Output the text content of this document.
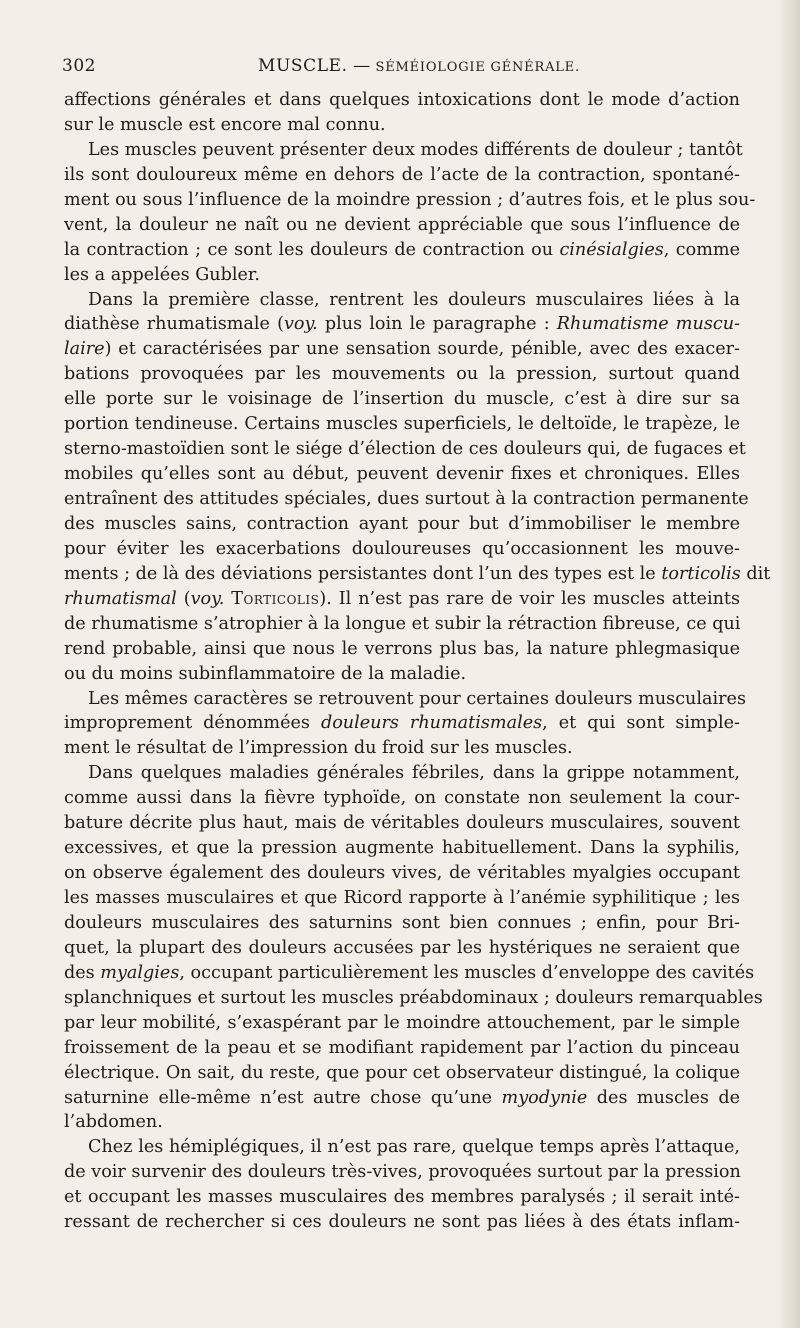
302	MUSCLE. — SÉMÉIOLOGIE GÉNÉRALE.
affections générales et dans quelques intoxications dont le mode d’action
sur le muscle est encore mal connu.
Les muscles peuvent présenter deux modes différents de douleur ; tantôt
ils sont douloureux même en dehors de l’acte de la contraction, spontané-
ment ou sous l’influence de la moindre pression ; d’autres fois, et le plus sou-
vent, la douleur ne naît ou ne devient appréciable que sous l’influence de
la contraction ; ce sont les douleurs de contraction ou cinésialgies, comme
les a appelées Gubler.
Dans la première classe, rentrent les douleurs musculaires liées à la
diathèse rhumatismale (voy. plus loin le paragraphe : Rhumatisme muscu-
laire) et caractérisées par une sensation sourde, pénible, avec des exacer-
bations provoquées par les mouvements ou la pression, surtout quand
elle porte sur le voisinage de l’insertion du muscle, c’est à dire sur sa
portion tendineuse. Certains muscles superficiels, le deltoïde, le trapèze, le
sterno-mastoïdien sont le siége d’élection de ces douleurs qui, de fugaces et
mobiles qu’elles sont au début, peuvent devenir fixes et chroniques. Elles
entraînent des attitudes spéciales, dues surtout à la contraction permanente
des muscles sains, contraction ayant pour but d’immobiliser le membre
pour éviter les exacerbations douloureuses qu’occasionnent les mouve-
ments ; de là des déviations persistantes dont l’un des types est le torticolis dit
rhumatismal (voy. Torticolis). Il n’est pas rare de voir les muscles atteints
de rhumatisme s’atrophier à la longue et subir la rétraction fibreuse, ce qui
rend probable, ainsi que nous le verrons plus bas, la nature phlegmasique
ou du moins subinflammatoire de la maladie.
Les mêmes caractères se retrouvent pour certaines douleurs musculaires
improprement dénommées douleurs rhumatismales, et qui sont simple-
ment le résultat de l’impression du froid sur les muscles.
Dans quelques maladies générales fébriles, dans la grippe notamment,
comme aussi dans la fièvre typhoïde, on constate non seulement la cour-
bature décrite plus haut, mais de véritables douleurs musculaires, souvent
excessives, et que la pression augmente habituellement. Dans la syphilis,
on observe également des douleurs vives, de véritables myalgies occupant
les masses musculaires et que Ricord rapporte à l’anémie syphilitique ; les
douleurs musculaires des saturnins sont bien connues ; enfin, pour Bri-
quet, la plupart des douleurs accusées par les hystériques ne seraient que
des myalgies, occupant particulièrement les muscles d’enveloppe des cavités
splanchniques et surtout les muscles préabdominaux ; douleurs remarquables
par leur mobilité, s’exaspérant par le moindre attouchement, par le simple
froissement de la peau et se modifiant rapidement par l’action du pinceau
électrique. On sait, du reste, que pour cet observateur distingué, la colique
saturnine elle-même n’est autre chose qu’une myodynie des muscles de
l’abdomen.
Chez les hémiplégiques, il n’est pas rare, quelque temps après l’attaque,
de voir survenir des douleurs très-vives, provoquées surtout par la pression
et occupant les masses musculaires des membres paralysés ; il serait inté-
ressant de rechercher si ces douleurs ne sont pas liées à des états inflam-
